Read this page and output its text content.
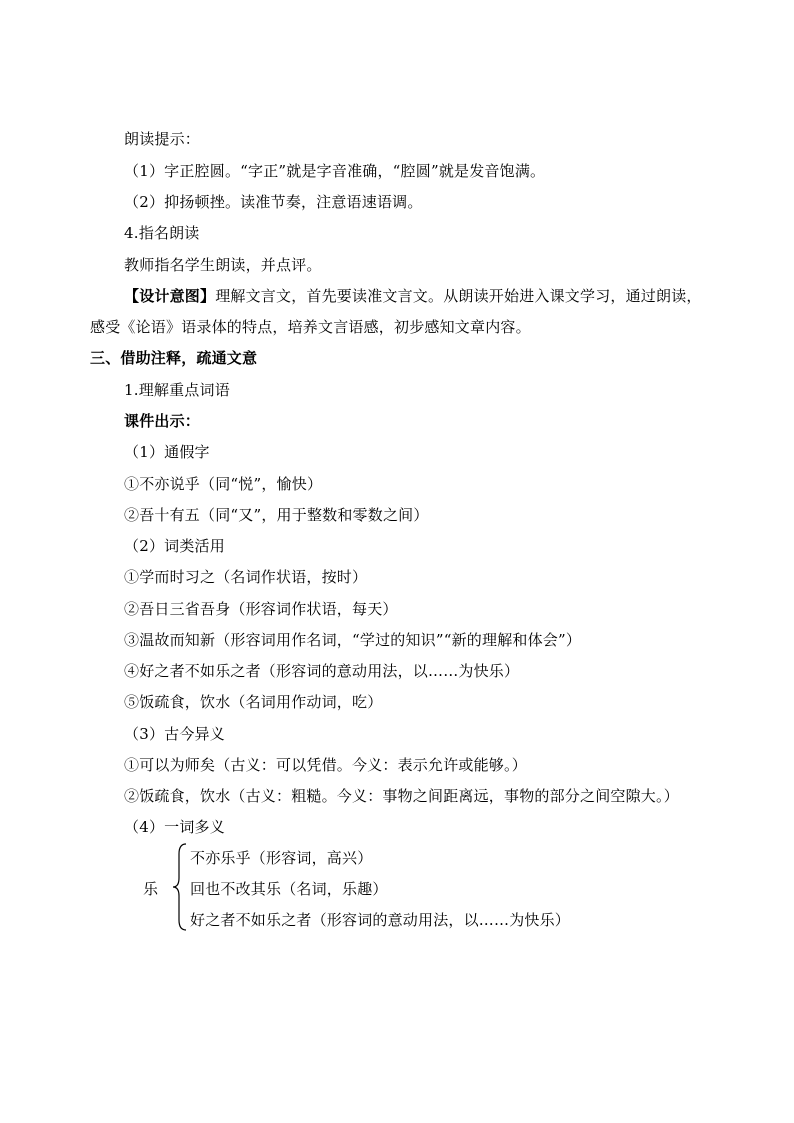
朗读提示：
（1）字正腔圆。“字正”就是字音准确，“腔圆”就是发音饱满。
（2）抑扬顿挫。读准节奏，注意语速语调。
4.指名朗读
教师指名学生朗读，并点评。
【设计意图】理解文言文，首先要读准文言文。从朗读开始进入课文学习，通过朗读，
感受《论语》语录体的特点，培养文言语感，初步感知文章内容。
三、借助注释，疏通文意
1.理解重点词语
课件出示：
（1）通假字
①不亦说乎（同“悦”，愉快）
②吾十有五（同“又”，用于整数和零数之间）
（2）词类活用
①学而时习之（名词作状语，按时）
②吾日三省吾身（形容词作状语，每天）
③温故而知新（形容词用作名词，“学过的知识”“新的理解和体会”）
④好之者不如乐之者（形容词的意动用法，以……为快乐）
⑤饭疏食，饮水（名词用作动词，吃）
（3）古今异义
①可以为师矣（古义：可以凭借。今义：表示允许或能够。）
②饭疏食，饮水（古义：粗糙。今义：事物之间距离远，事物的部分之间空隙大。）
（4）一词多义
乐
不亦乐乎（形容词，高兴）
回也不改其乐（名词，乐趣）
好之者不如乐之者（形容词的意动用法，以……为快乐）
